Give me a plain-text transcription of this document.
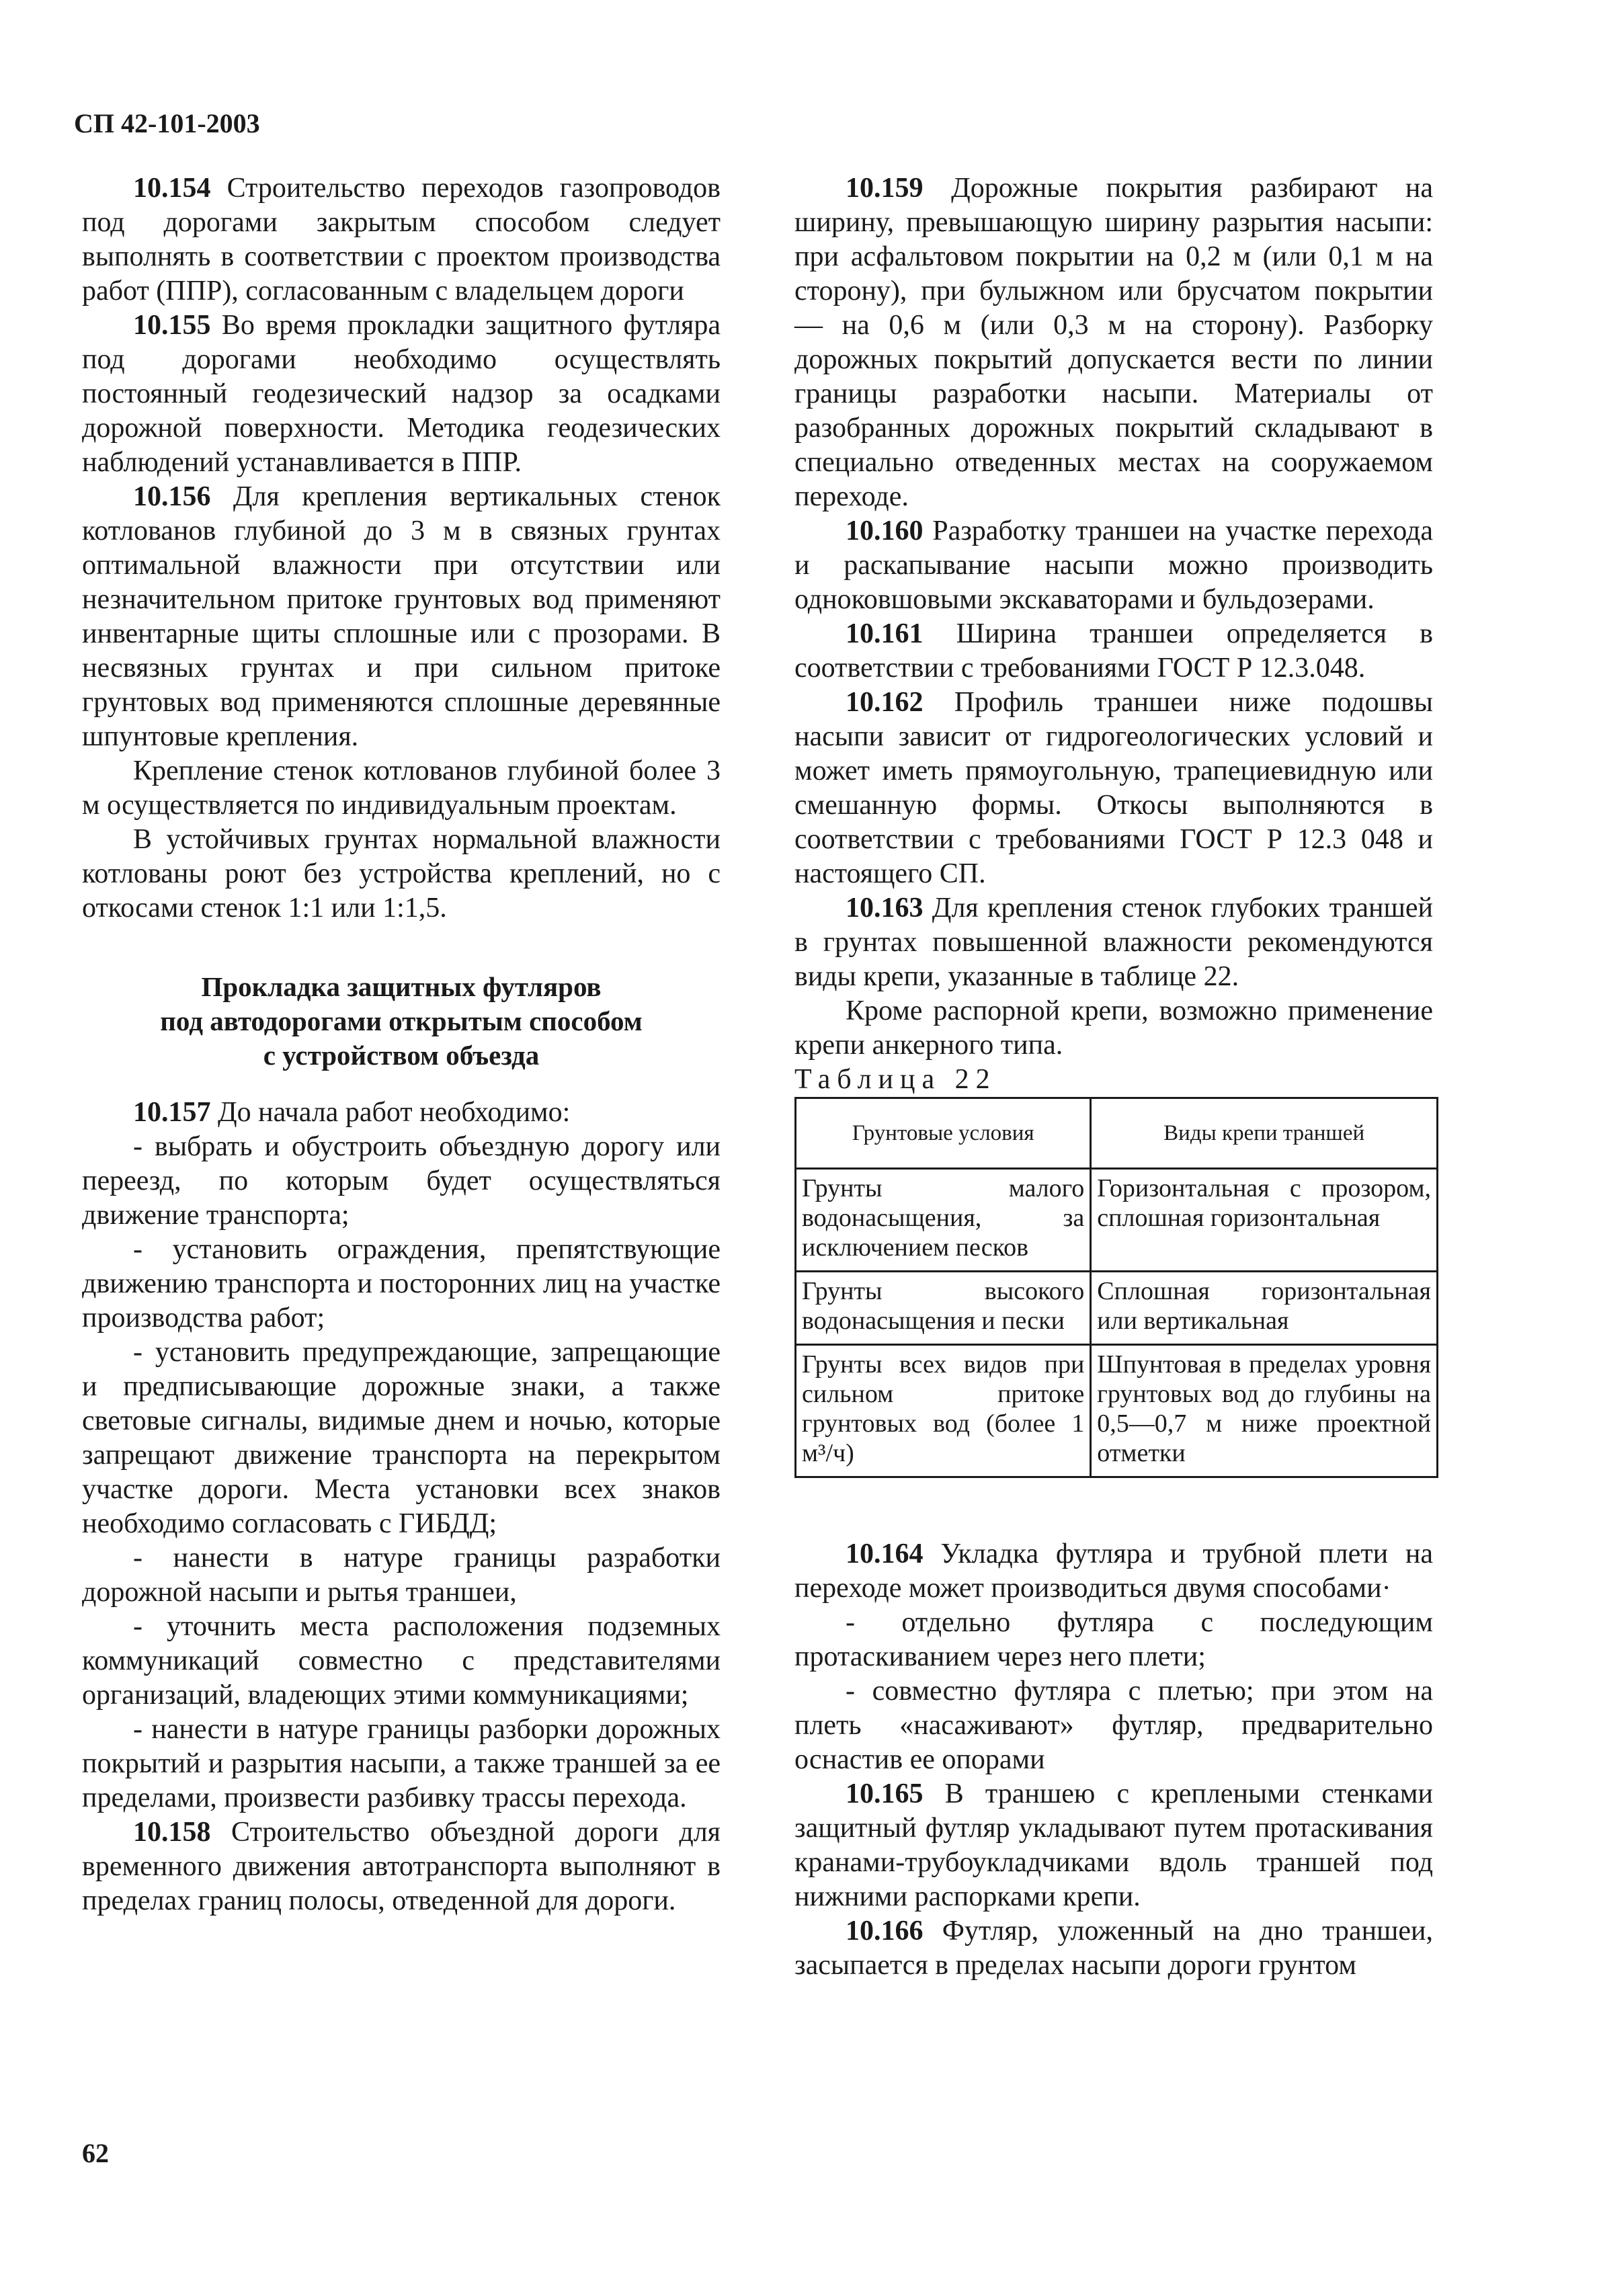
СП 42-101-2003

10.154 Строительство переходов газопроводов под дорогами закрытым способом следует выполнять в соответствии с проектом производства работ (ППР), согласованным с владельцем дороги

10.155 Во время прокладки защитного футляра под дорогами необходимо осуществлять постоянный геодезический надзор за осадками дорожной поверхности. Методика геодезических наблюдений устанавливается в ППР.

10.156 Для крепления вертикальных стенок котлованов глубиной до 3 м в связных грунтах оптимальной влажности при отсутствии или незначительном притоке грунтовых вод применяют инвентарные щиты сплошные или с прозорами. В несвязных грунтах и при сильном притоке грунтовых вод применяются сплошные деревянные шпунтовые крепления.

Крепление стенок котлованов глубиной более 3 м осуществляется по индивидуальным проектам.

В устойчивых грунтах нормальной влажности котлованы роют без устройства креплений, но с откосами стенок 1:1 или 1:1,5.

Прокладка защитных футляров
под автодорогами открытым способом
с устройством объезда

10.157 До начала работ необходимо:

- выбрать и обустроить объездную дорогу или переезд, по которым будет осуществляться движение транспорта;

- установить ограждения, препятствующие движению транспорта и посторонних лиц на участке производства работ;

- установить предупреждающие, запрещающие и предписывающие дорожные знаки, а также световые сигналы, видимые днем и ночью, которые запрещают движение транспорта на перекрытом участке дороги. Места установки всех знаков необходимо согласовать с ГИБДД;

- нанести в натуре границы разработки дорожной насыпи и рытья траншеи,

- уточнить места расположения подземных коммуникаций совместно с представителями организаций, владеющих этими коммуникациями;

- нанести в натуре границы разборки дорожных покрытий и разрытия насыпи, а также траншей за ее пределами, произвести разбивку трассы перехода.

10.158 Строительство объездной дороги для временного движения автотранспорта выполняют в пределах границ полосы, отведенной для дороги.

10.159 Дорожные покрытия разбирают на ширину, превышающую ширину разрытия насыпи: при асфальтовом покрытии на 0,2 м (или 0,1 м на сторону), при булыжном или брусчатом покрытии — на 0,6 м (или 0,3 м на сторону). Разборку дорожных покрытий допускается вести по линии границы разработки насыпи. Материалы от разобранных дорожных покрытий складывают в специально отведенных местах на сооружаемом переходе.

10.160 Разработку траншеи на участке перехода и раскапывание насыпи можно производить одноковшовыми экскаваторами и бульдозерами.

10.161 Ширина траншеи определяется в соответствии с требованиями ГОСТ Р 12.3.048.

10.162 Профиль траншеи ниже подошвы насыпи зависит от гидрогеологических условий и может иметь прямоугольную, трапециевидную или смешанную формы. Откосы выполняются в соответствии с требованиями ГОСТ Р 12.3 048 и настоящего СП.

10.163 Для крепления стенок глубоких траншей в грунтах повышенной влажности рекомендуются виды крепи, указанные в таблице 22.

Кроме распорной крепи, возможно применение крепи анкерного типа.

Таблица 22

Грунтовые условия	Виды крепи траншей
Грунты малого водонасыщения, за исключением песков	Горизонтальная с прозором, сплошная горизонтальная
Грунты высокого водонасыщения и пески	Сплошная горизонтальная или вертикальная
Грунты всех видов при сильном притоке грунтовых вод (более 1 м³/ч)	Шпунтовая в пределах уровня грунтовых вод до глубины на 0,5—0,7 м ниже проектной отметки

10.164 Укладка футляра и трубной плети на переходе может производиться двумя способами·

- отдельно футляра с последующим протаскиванием через него плети;

- совместно футляра с плетью; при этом на плеть «насаживают» футляр, предварительно оснастив ее опорами

10.165 В траншею с креплеными стенками защитный футляр укладывают путем протаскивания кранами-трубоукладчиками вдоль траншей под нижними распорками крепи.

10.166 Футляр, уложенный на дно траншеи, засыпается в пределах насыпи дороги грунтом

62
